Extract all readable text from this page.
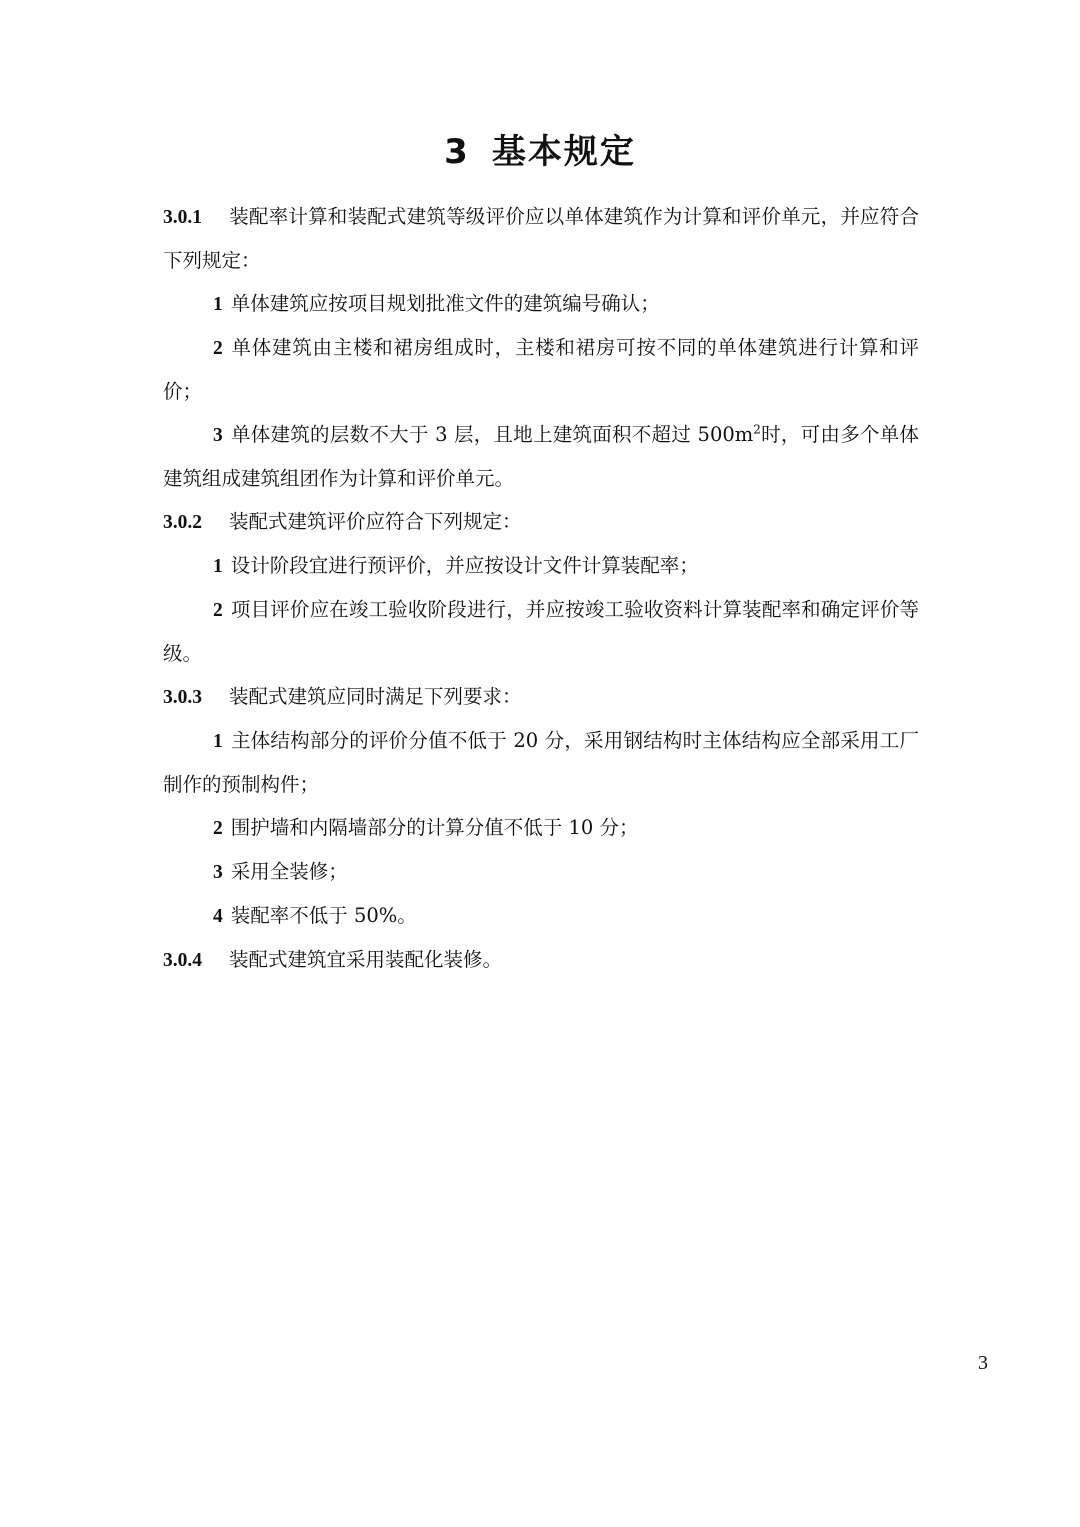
3 基本规定

3.0.1 装配率计算和装配式建筑等级评价应以单体建筑作为计算和评价单元，并应符合下列规定：

1 单体建筑应按项目规划批准文件的建筑编号确认；

2 单体建筑由主楼和裙房组成时，主楼和裙房可按不同的单体建筑进行计算和评价；

3 单体建筑的层数不大于 3 层，且地上建筑面积不超过 $500m^2$时，可由多个单体建筑组成建筑组团作为计算和评价单元。

3.0.2 装配式建筑评价应符合下列规定：

1 设计阶段宜进行预评价，并应按设计文件计算装配率；

2 项目评价应在竣工验收阶段进行，并应按竣工验收资料计算装配率和确定评价等级。

3.0.3 装配式建筑应同时满足下列要求：

1 主体结构部分的评价分值不低于 20 分，采用钢结构时主体结构应全部采用工厂制作的预制构件；

2 围护墙和内隔墙部分的计算分值不低于 10 分；

3 采用全装修；

4 装配率不低于 50%。

3.0.4 装配式建筑宜采用装配化装修。

3
